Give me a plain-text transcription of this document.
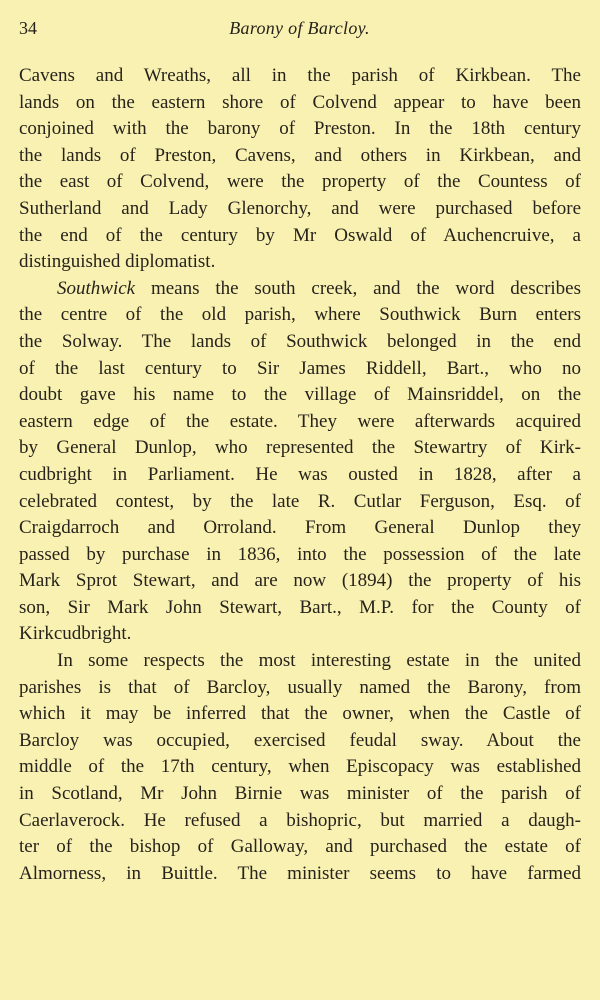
34	Barony of Barcloy.
Cavens and Wreaths, all in the parish of Kirkbean. The
lands on the eastern shore of Colvend appear to have been
conjoined with the barony of Preston. In the 18th century
the lands of Preston, Cavens, and others in Kirkbean, and
the east of Colvend, were the property of the Countess of
Sutherland and Lady Glenorchy, and were purchased before
the end of the century by Mr Oswald of Auchencruive, a
distinguished diplomatist.
Southwick means the south creek, and the word describes
the centre of the old parish, where Southwick Burn enters
the Solway. The lands of Southwick belonged in the end
of the last century to Sir James Riddell, Bart., who no
doubt gave his name to the village of Mainsriddel, on the
eastern edge of the estate. They were afterwards acquired
by General Dunlop, who represented the Stewartry of Kirk-
cudbright in Parliament. He was ousted in 1828, after a
celebrated contest, by the late R. Cutlar Ferguson, Esq. of
Craigdarroch and Orroland. From General Dunlop they
passed by purchase in 1836, into the possession of the late
Mark Sprot Stewart, and are now (1894) the property of his
son, Sir Mark John Stewart, Bart., M.P. for the County of
Kirkcudbright.
In some respects the most interesting estate in the united
parishes is that of Barcloy, usually named the Barony, from
which it may be inferred that the owner, when the Castle of
Barcloy was occupied, exercised feudal sway. About the
middle of the 17th century, when Episcopacy was established
in Scotland, Mr John Birnie was minister of the parish of
Caerlaverock. He refused a bishopric, but married a daugh-
ter of the bishop of Galloway, and purchased the estate of
Almorness, in Buittle. The minister seems to have farmed
